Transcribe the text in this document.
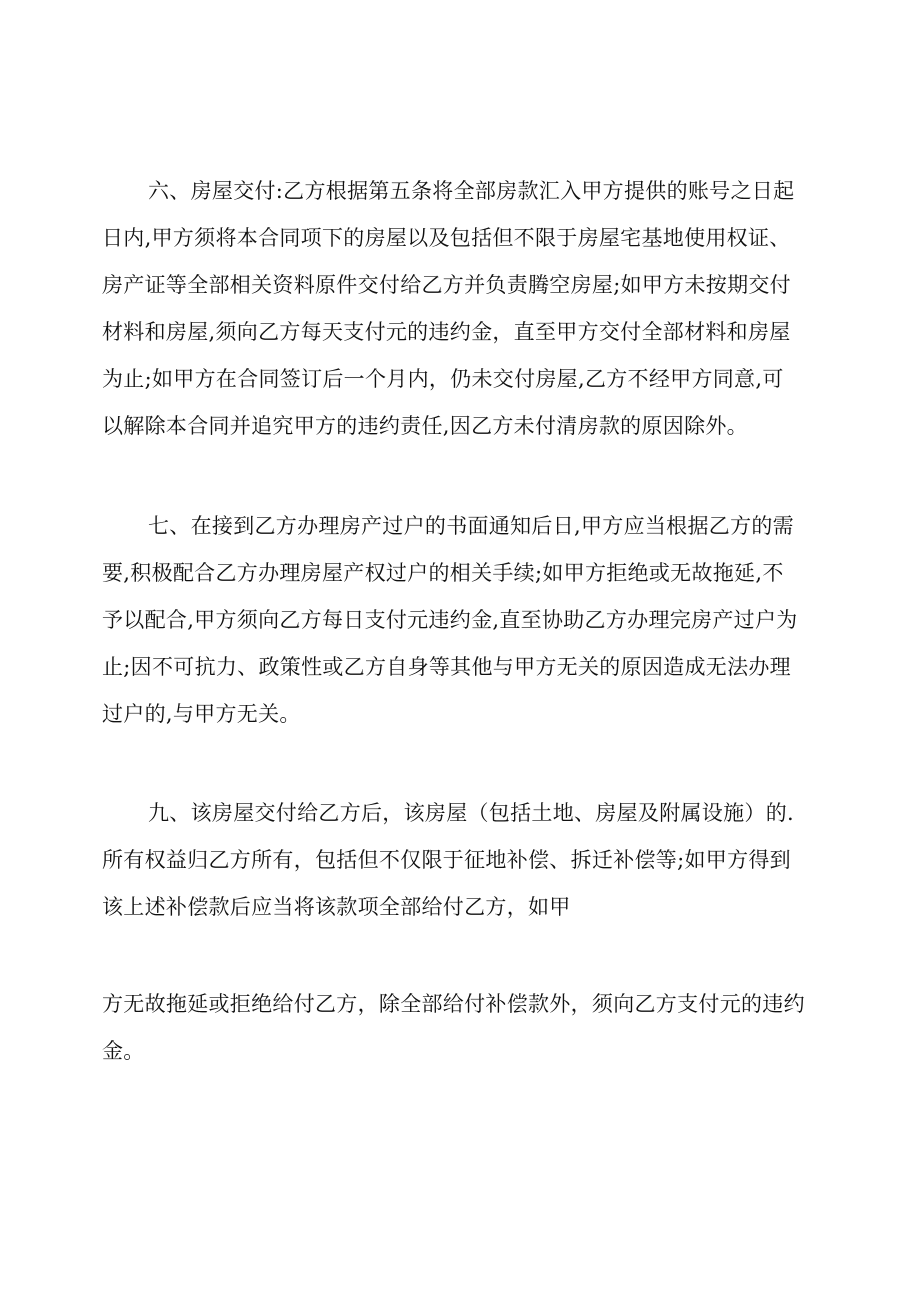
六、房屋交付:乙方根据第五条将全部房款汇入甲方提供的账号之日起

日内,甲方须将本合同项下的房屋以及包括但不限于房屋宅基地使用权证、

房产证等全部相关资料原件交付给乙方并负责腾空房屋;如甲方未按期交付

材料和房屋,须向乙方每天支付元的违约金，直至甲方交付全部材料和房屋

为止;如甲方在合同签订后一个月内，仍未交付房屋,乙方不经甲方同意,可

以解除本合同并追究甲方的违约责任,因乙方未付清房款的原因除外。

七、在接到乙方办理房产过户的书面通知后日,甲方应当根据乙方的需

要,积极配合乙方办理房屋产权过户的相关手续;如甲方拒绝或无故拖延,不

予以配合,甲方须向乙方每日支付元违约金,直至协助乙方办理完房产过户为

止;因不可抗力、政策性或乙方自身等其他与甲方无关的原因造成无法办理

过户的,与甲方无关。

九、该房屋交付给乙方后，该房屋（包括土地、房屋及附属设施）的.

所有权益归乙方所有，包括但不仅限于征地补偿、拆迁补偿等;如甲方得到

该上述补偿款后应当将该款项全部给付乙方，如甲

方无故拖延或拒绝给付乙方，除全部给付补偿款外，须向乙方支付元的违约

金。
